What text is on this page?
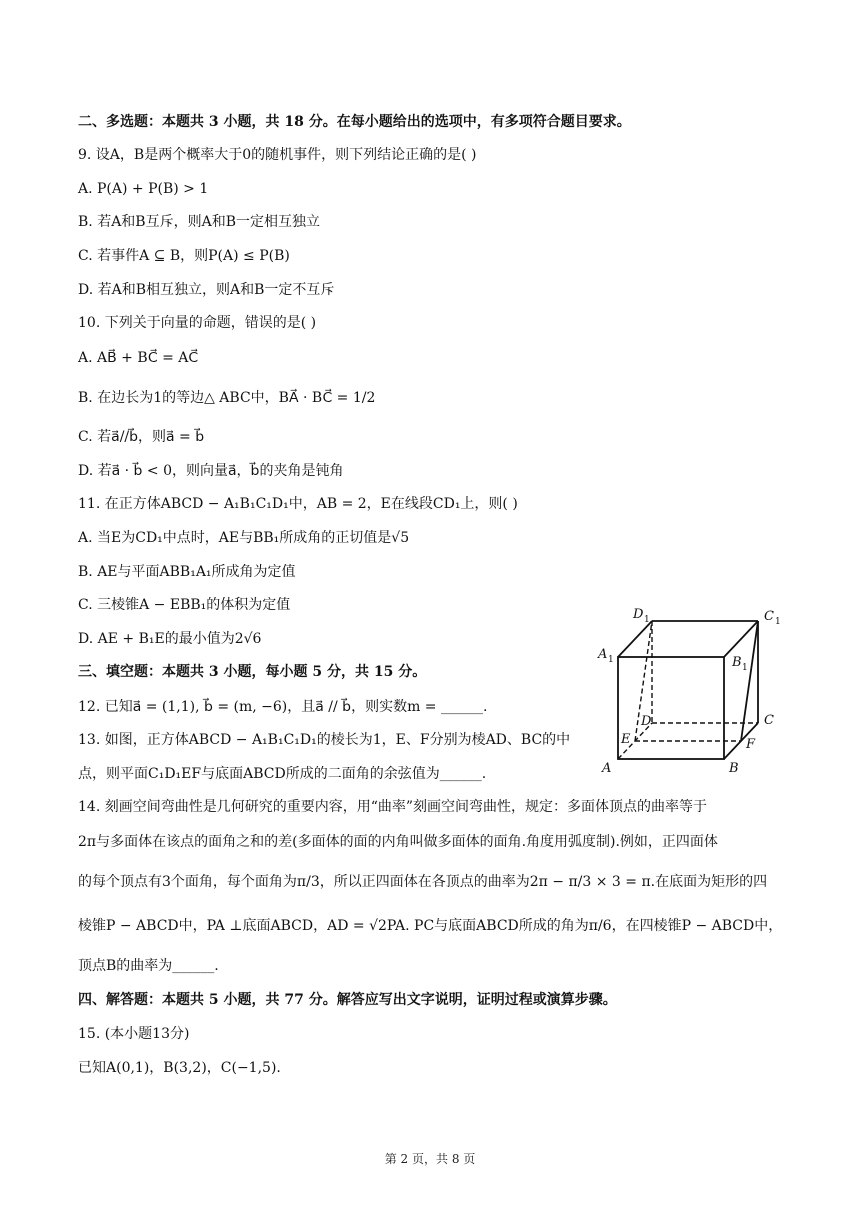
二、多选题：本题共 3 小题，共 18 分。在每小题给出的选项中，有多项符合题目要求。
9. 设A，B是两个概率大于0的随机事件，则下列结论正确的是( )
A. P(A) + P(B) > 1
B. 若A和B互斥，则A和B一定相互独立
C. 若事件A ⊆ B，则P(A) ≤ P(B)
D. 若A和B相互独立，则A和B一定不互斥
10. 下列关于向量的命题，错误的是( )
A. AB⃗ + BC⃗ = AC⃗
B. 在边长为1的等边△ ABC中，BA⃗ · BC⃗ = 1/2
C. 若a⃗//b⃗，则a⃗ = b⃗
D. 若a⃗ · b⃗ < 0，则向量a⃗，b⃗的夹角是钝角
11. 在正方体ABCD − A₁B₁C₁D₁中，AB = 2，E在线段CD₁上，则( )
A. 当E为CD₁中点时，AE与BB₁所成角的正切值是√5
B. AE与平面ABB₁A₁所成角为定值
C. 三棱锥A − EBB₁的体积为定值
D. AE + B₁E的最小值为2√6
三、填空题：本题共 3 小题，每小题 5 分，共 15 分。
12. 已知a⃗ = (1,1), b⃗ = (m, −6)，且a⃗ // b⃗，则实数m = ______.
13. 如图，正方体ABCD − A₁B₁C₁D₁的棱长为1，E、F分别为棱AD、BC的中
点，则平面C₁D₁EF与底面ABCD所成的二面角的余弦值为______.
14. 刻画空间弯曲性是几何研究的重要内容，用“曲率”刻画空间弯曲性，规定：多面体顶点的曲率等于
2π与多面体在该点的面角之和的差(多面体的面的内角叫做多面体的面角.角度用弧度制).例如，正四面体
的每个顶点有3个面角，每个面角为π/3，所以正四面体在各顶点的曲率为2π − π/3 × 3 = π.在底面为矩形的四
棱锥P − ABCD中，PA ⊥底面ABCD，AD = √2PA. PC与底面ABCD所成的角为π/6，在四棱锥P − ABCD中，
顶点B的曲率为______.
四、解答题：本题共 5 小题，共 77 分。解答应写出文字说明，证明过程或演算步骤。
15. (本小题13分)
已知A(0,1)，B(3,2)，C(−1,5).
D 1	C 1
A 1	B 1
D	C
E	F
A	B
第 2 页，共 8 页
